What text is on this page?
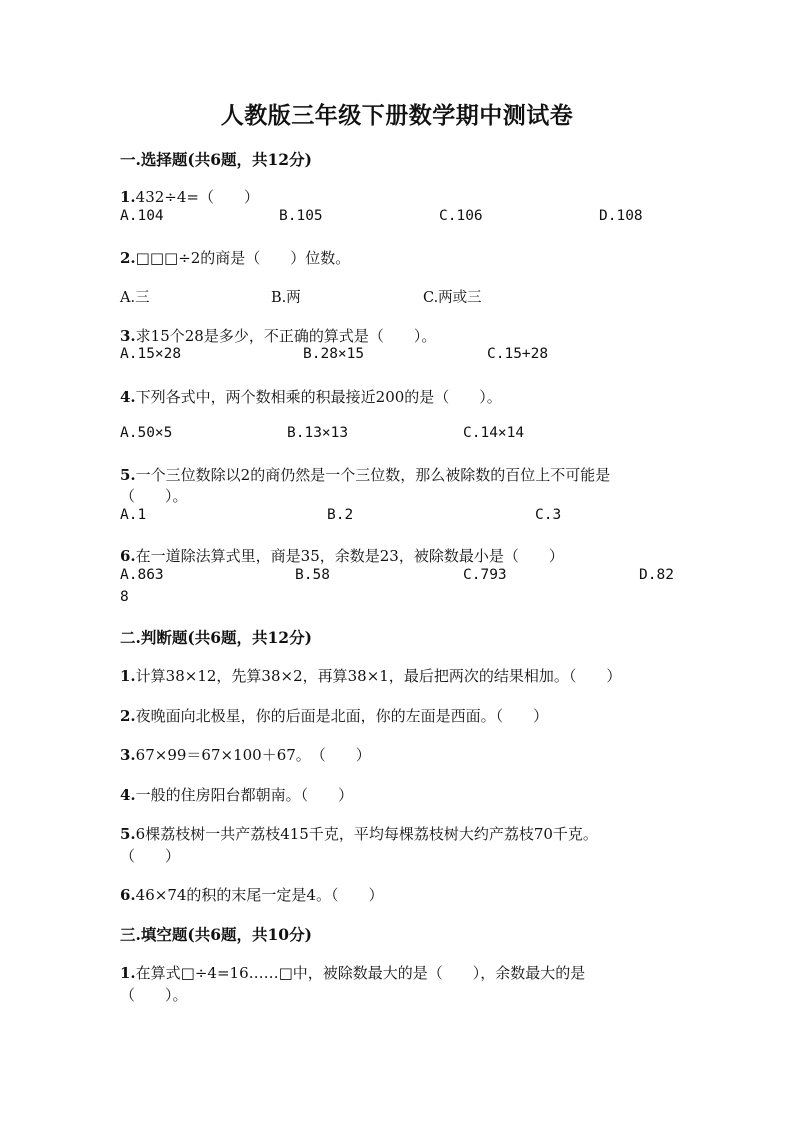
人教版三年级下册数学期中测试卷
一.选择题(共6题，共12分)
1.432÷4=（　　）
A.104	B.105	C.106	D.108
2.□□□÷2的商是（　　）位数。
A.三	B.两	C.两或三
3.求15个28是多少，不正确的算式是（　　）。
A.15×28	B.28×15	C.15+28
4.下列各式中，两个数相乘的积最接近200的是（　　）。
A.50×5	B.13×13	C.14×14
5.一个三位数除以2的商仍然是一个三位数，那么被除数的百位上不可能是
（　　）。
A.1	B.2	C.3
6.在一道除法算式里，商是35，余数是23，被除数最小是（　　）
A.863	B.58	C.793	D.82
8
二.判断题(共6题，共12分)
1.计算38×12，先算38×2，再算38×1，最后把两次的结果相加。（　　）
2.夜晚面向北极星，你的后面是北面，你的左面是西面。（　　）
3.67×99＝67×100＋67。　（　　）
4.一般的住房阳台都朝南。（　　）
5.6棵荔枝树一共产荔枝415千克，平均每棵荔枝树大约产荔枝70千克。
（　　）
6.46×74的积的末尾一定是4。（　　）
三.填空题(共6题，共10分)
1.在算式□÷4=16……□中，被除数最大的是（　　），余数最大的是
（　　）。
